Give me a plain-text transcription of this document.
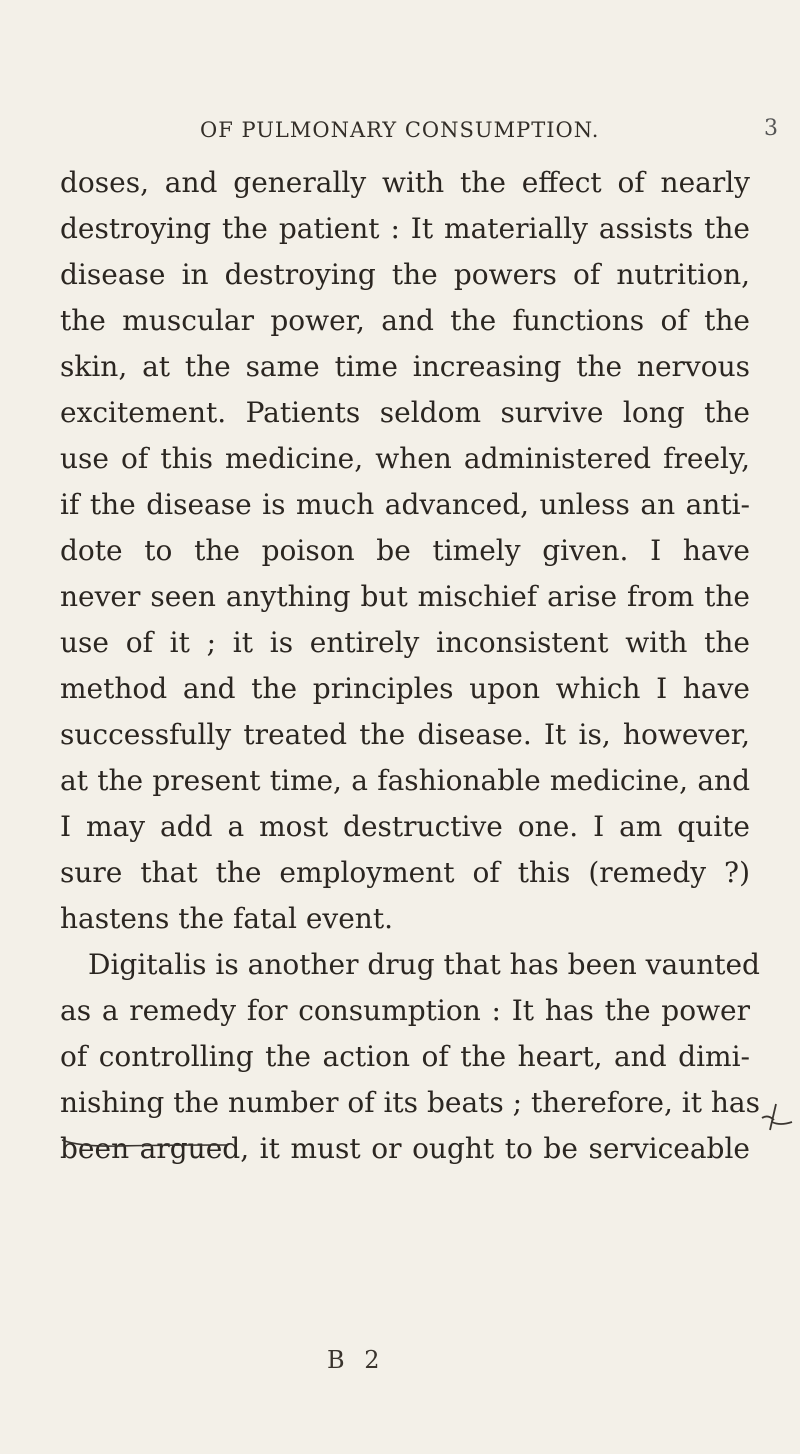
OF PULMONARY CONSUMPTION.	3
doses, and generally with the effect of nearly
destroying the patient : It materially assists the
disease in destroying the powers of nutrition,
the muscular power, and the functions of the
skin, at the same time increasing the nervous
excitement. Patients seldom survive long the
use of this medicine, when administered freely,
if the disease is much advanced, unless an anti-
dote to the poison be timely given. I have
never seen anything but mischief arise from the
use of it ; it is entirely inconsistent with the
method and the principles upon which I have
successfully treated the disease. It is, however,
at the present time, a fashionable medicine, and
I may add a most destructive one. I am quite
sure that the employment of this (remedy ?)
hastens the fatal event.
Digitalis is another drug that has been vaunted
as a remedy for consumption : It has the power
of controlling the action of the heart, and dimi-
nishing the number of its beats ; therefore, it has
been argued, it must or ought to be serviceable
B 2
